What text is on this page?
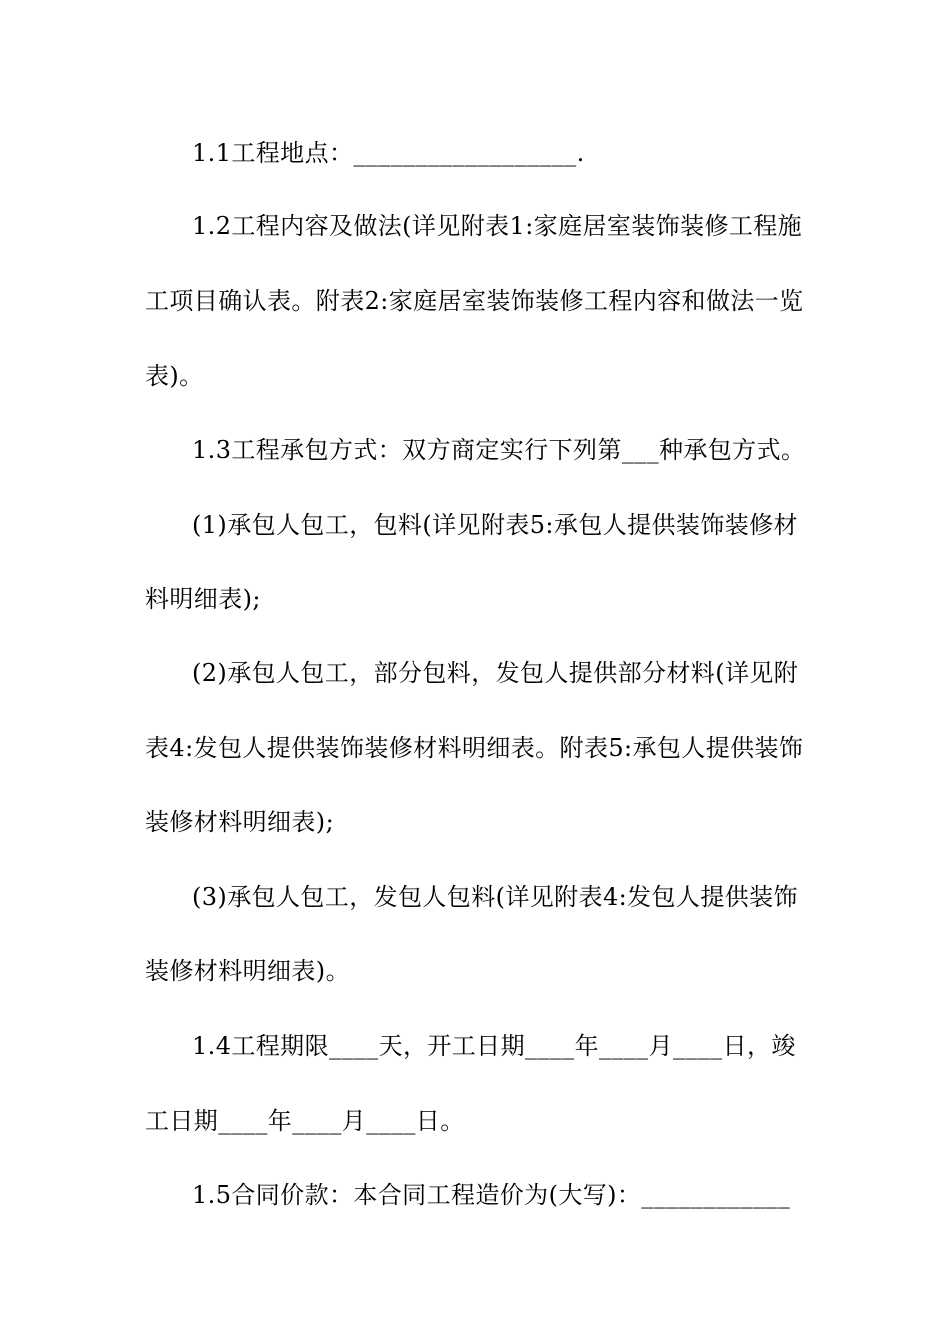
1.1工程地点：__________________.
1.2工程内容及做法(详见附表1:家庭居室装饰装修工程施
工项目确认表。附表2:家庭居室装饰装修工程内容和做法一览
表)。
1.3工程承包方式：双方商定实行下列第___种承包方式。
(1)承包人包工，包料(详见附表5:承包人提供装饰装修材
料明细表);
(2)承包人包工，部分包料，发包人提供部分材料(详见附
表4:发包人提供装饰装修材料明细表。附表5:承包人提供装饰
装修材料明细表);
(3)承包人包工，发包人包料(详见附表4:发包人提供装饰
装修材料明细表)。
1.4工程期限____天，开工日期____年____月____日，竣
工日期____年____月____日。
1.5合同价款：本合同工程造价为(大写)：____________
